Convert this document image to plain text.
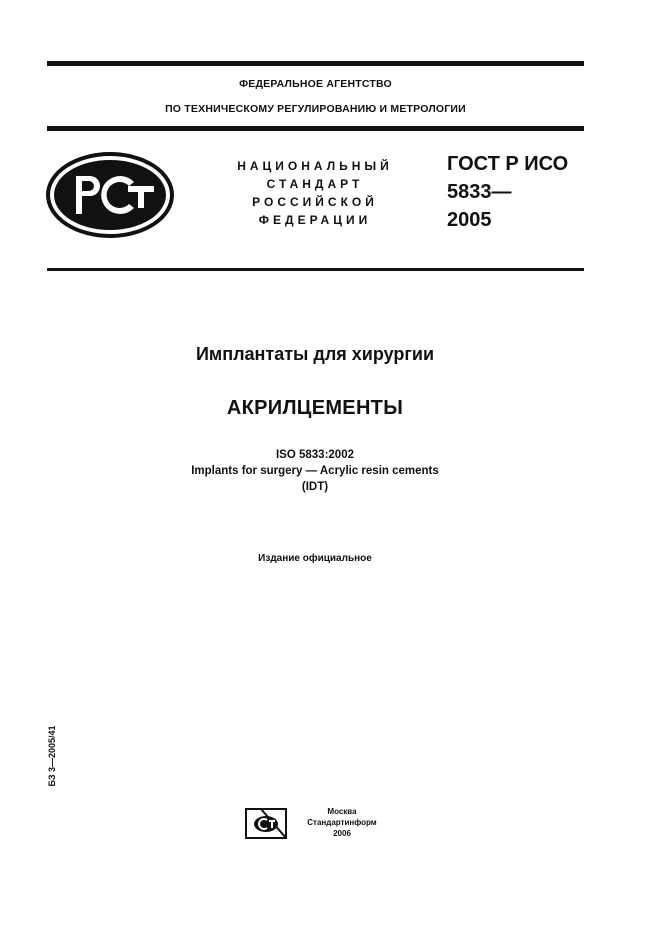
ФЕДЕРАЛЬНОЕ АГЕНТСТВО
ПО ТЕХНИЧЕСКОМУ РЕГУЛИРОВАНИЮ И МЕТРОЛОГИИ
НАЦИОНАЛЬНЫЙ
СТАНДАРТ
РОССИЙСКОЙ
ФЕДЕРАЦИИ
ГОСТ Р ИСО
5833—
2005
Имплантаты для хирургии
АКРИЛЦЕМЕНТЫ
ISO 5833:2002
Implants for surgery — Acrylic resin cements
(IDT)
Издание официальное
БЗ 3—2005/41
Москва
Стандартинформ
2006
